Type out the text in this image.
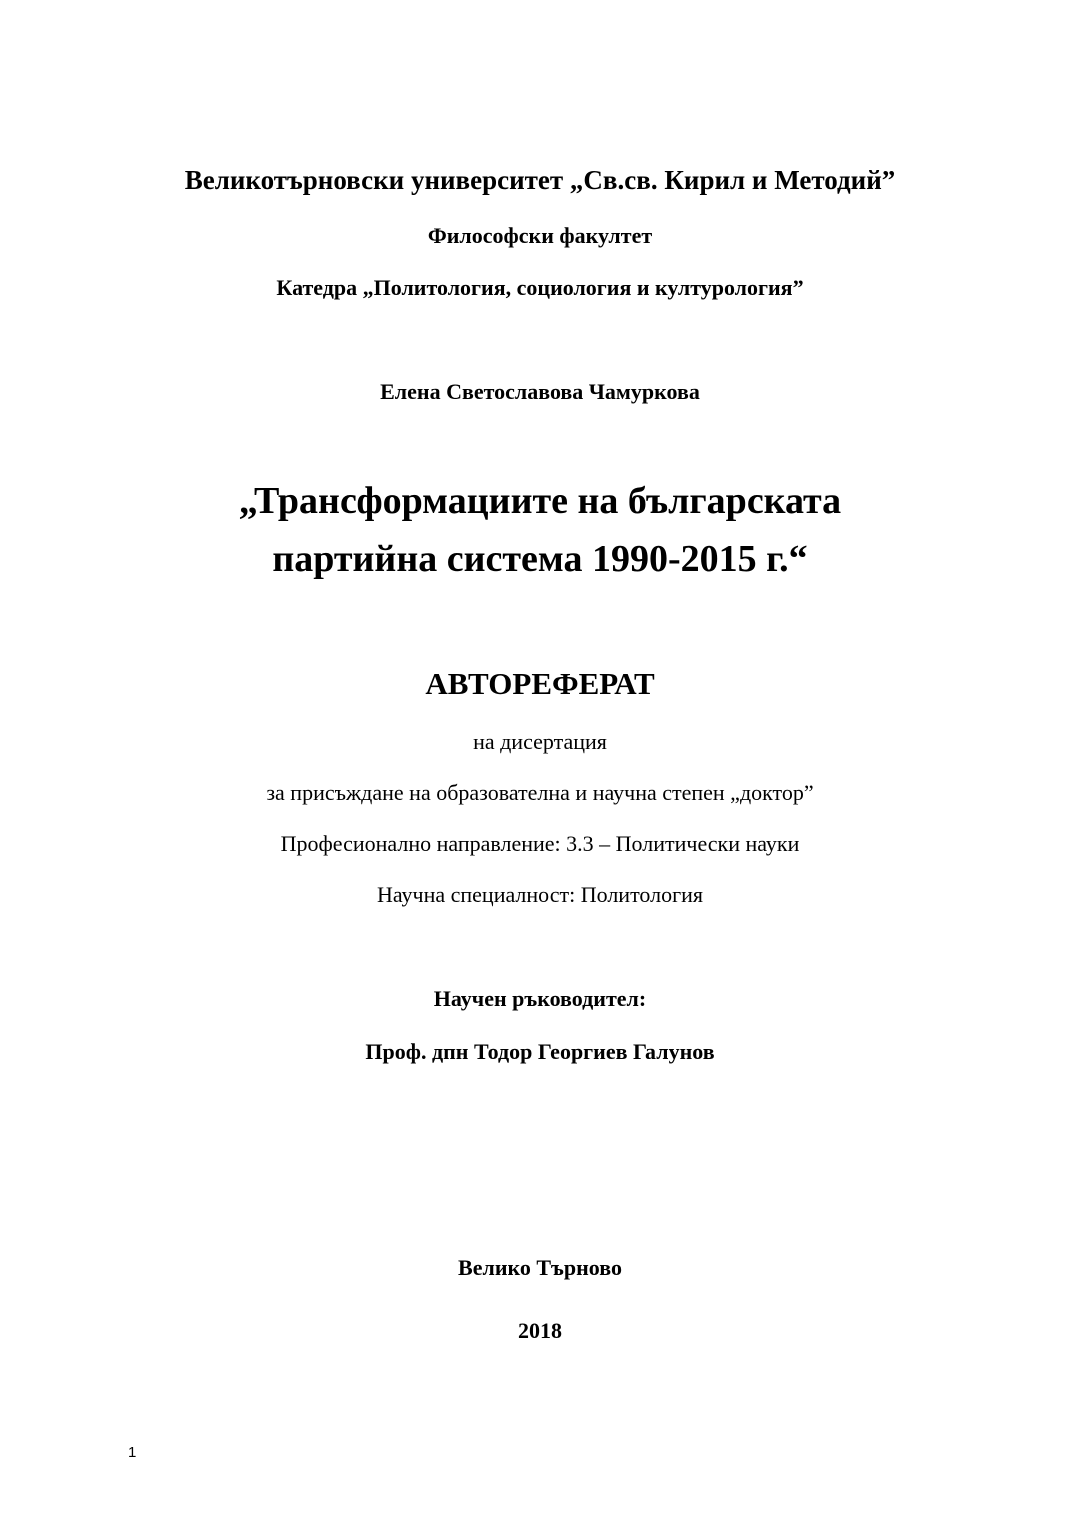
Великотърновски университет „Св.св. Кирил и Методий”
Философски факултет
Катедра „Политология, социология и културология”
Елена Светославова Чамуркова
„Трансформациите на българската
партийна система 1990-2015 г.“
АВТОРЕФЕРАТ
на дисертация
за присъждане на образователна и научна степен „доктор”
Професионално направление: 3.3 – Политически науки
Научна специалност: Политология
Научен ръководител:
Проф. дпн Тодор Георгиев Галунов
Велико Търново
2018
1
